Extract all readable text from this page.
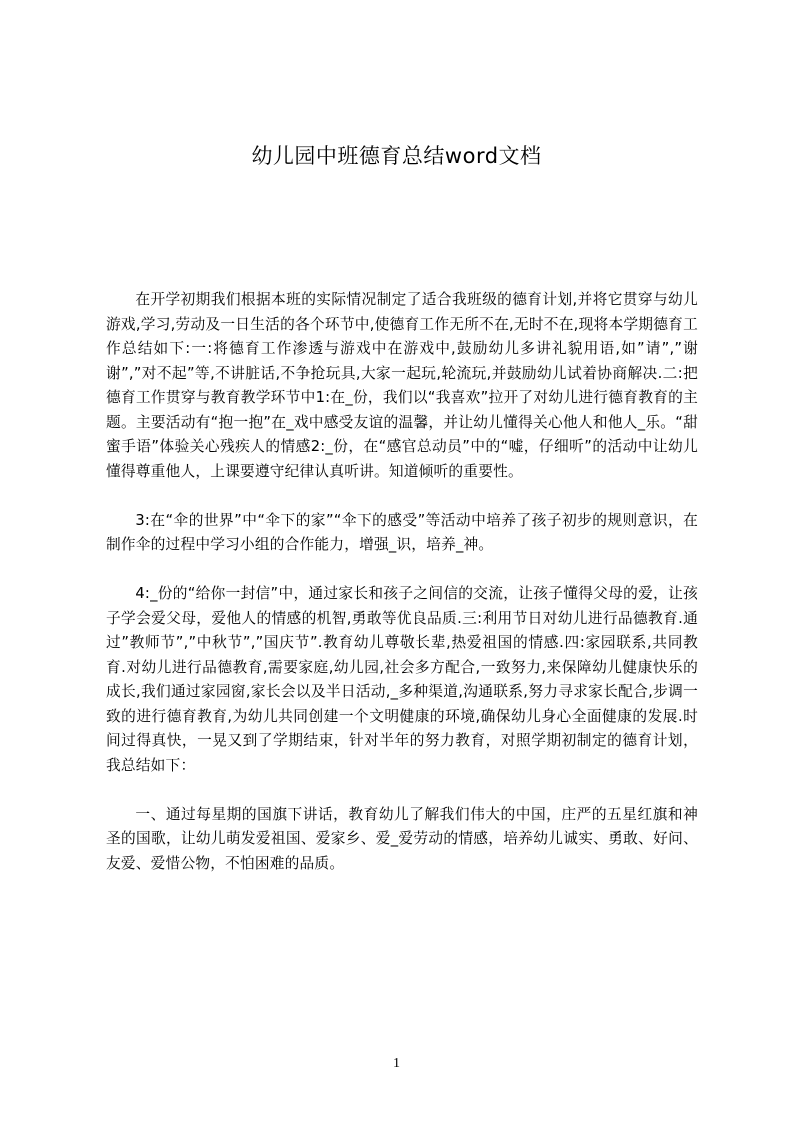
幼儿园中班德育总结word文档

在开学初期我们根据本班的实际情况制定了适合我班级的德育计划,并将它贯穿与幼儿游戏,学习,劳动及一日生活的各个环节中,使德育工作无所不在,无时不在,现将本学期德育工作总结如下:一:将德育工作渗透与游戏中在游戏中,鼓励幼儿多讲礼貌用语,如”请”,”谢谢”,”对不起”等,不讲脏话,不争抢玩具,大家一起玩,轮流玩,并鼓励幼儿试着协商解决.二:把德育工作贯穿与教育教学环节中1:在_份，我们以“我喜欢”拉开了对幼儿进行德育教育的主题。主要活动有“抱一抱”在_戏中感受友谊的温馨，并让幼儿懂得关心他人和他人_乐。“甜蜜手语”体验关心残疾人的情感2:_份，在“感官总动员”中的“嘘，仔细听”的活动中让幼儿懂得尊重他人，上课要遵守纪律认真听讲。知道倾听的重要性。

3:在“伞的世界”中“伞下的家”“伞下的感受”等活动中培养了孩子初步的规则意识，在制作伞的过程中学习小组的合作能力，增强_识，培养_神。

4:_份的“给你一封信”中，通过家长和孩子之间信的交流，让孩子懂得父母的爱，让孩子学会爱父母，爱他人的情感的机智,勇敢等优良品质.三:利用节日对幼儿进行品德教育.通过”教师节”,”中秋节”,”国庆节”.教育幼儿尊敬长辈,热爱祖国的情感.四:家园联系,共同教育.对幼儿进行品德教育,需要家庭,幼儿园,社会多方配合,一致努力,来保障幼儿健康快乐的成长,我们通过家园窗,家长会以及半日活动,_多种渠道,沟通联系,努力寻求家长配合,步调一致的进行德育教育,为幼儿共同创建一个文明健康的环境,确保幼儿身心全面健康的发展.时间过得真快，一晃又到了学期结束，针对半年的努力教育，对照学期初制定的德育计划，我总结如下：

一、通过每星期的国旗下讲话，教育幼儿了解我们伟大的中国，庄严的五星红旗和神圣的国歌，让幼儿萌发爱祖国、爱家乡、爱_爱劳动的情感，培养幼儿诚实、勇敢、好问、友爱、爱惜公物，不怕困难的品质。

1
